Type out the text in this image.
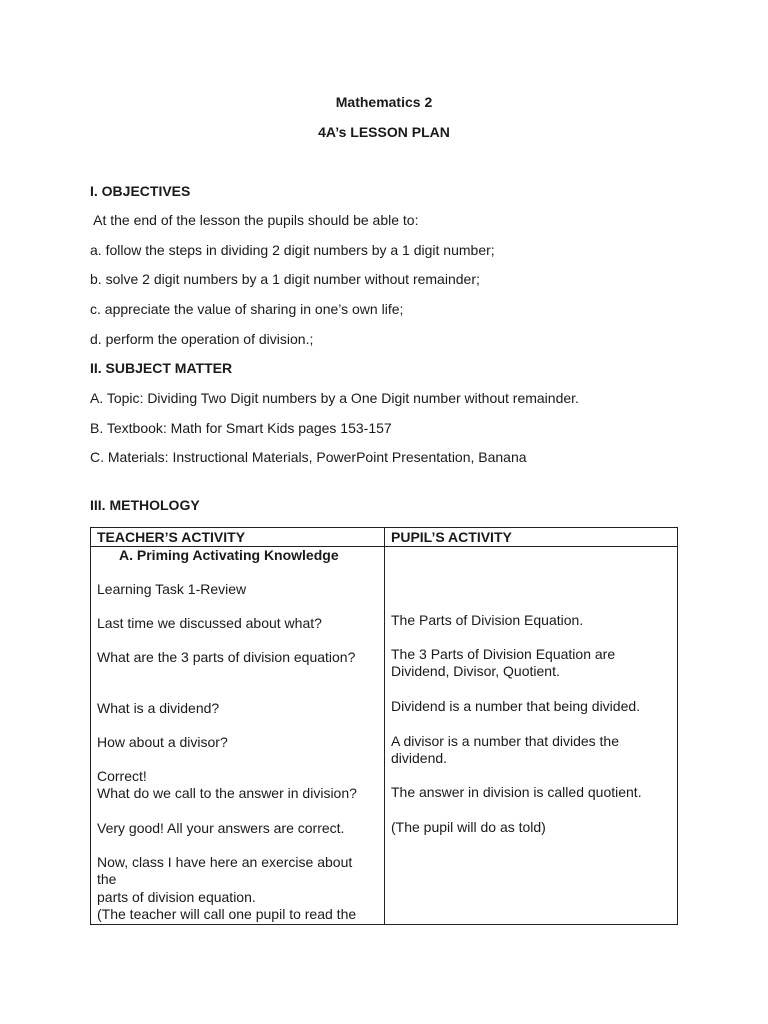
Mathematics 2
4A’s LESSON PLAN
I. OBJECTIVES
At the end of the lesson the pupils should be able to:
a. follow the steps in dividing 2 digit numbers by a 1 digit number;
b. solve 2 digit numbers by a 1 digit number without remainder;
c. appreciate the value of sharing in one’s own life;
d. perform the operation of division.;
II. SUBJECT MATTER
A. Topic: Dividing Two Digit numbers by a One Digit number without remainder.
B. Textbook: Math for Smart Kids pages 153-157
C. Materials: Instructional Materials, PowerPoint Presentation, Banana
III. METHOLOGY
TEACHER’S ACTIVITY	PUPIL’S ACTIVITY
A. Priming Activating Knowledge
Learning Task 1-Review
Last time we discussed about what?
What are the 3 parts of division equation?
What is a dividend?
How about a divisor?
Correct!
What do we call to the answer in division?
Very good! All your answers are correct.
Now, class I have here an exercise about the
parts of division equation.
(The teacher will call one pupil to read the
The Parts of Division Equation.
The 3 Parts of Division Equation are Dividend, Divisor, Quotient.
Dividend is a number that being divided.
A divisor is a number that divides the dividend.
The answer in division is called quotient.
(The pupil will do as told)
